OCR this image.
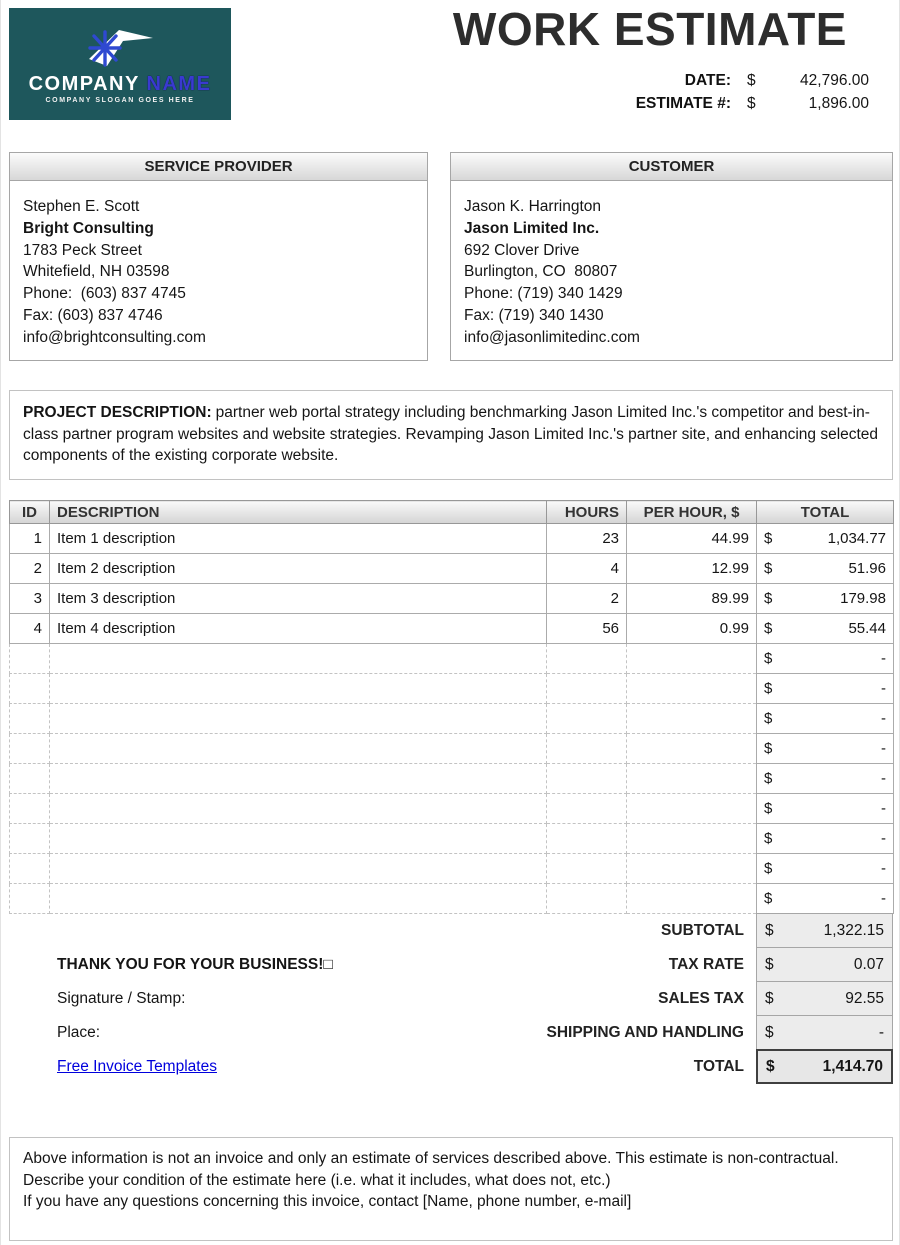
COMPANY NAME
COMPANY SLOGAN GOES HERE
WORK ESTIMATE
DATE: $	42,796.00
ESTIMATE #: $	1,896.00
SERVICE PROVIDER
Stephen E. Scott
Bright Consulting
1783 Peck Street
Whitefield, NH 03598
Phone:  (603) 837 4745
Fax: (603) 837 4746
info@brightconsulting.com
CUSTOMER
Jason K. Harrington
Jason Limited Inc.
692 Clover Drive
Burlington, CO  80807
Phone: (719) 340 1429
Fax: (719) 340 1430
info@jasonlimitedinc.com
PROJECT DESCRIPTION: partner web portal strategy including benchmarking Jason Limited Inc.'s competitor and best-in-class partner program websites and website strategies. Revamping Jason Limited Inc.'s partner site, and enhancing selected components of the existing corporate website.
ID	DESCRIPTION	HOURS	PER HOUR, $	TOTAL
1	Item 1 description	23	44.99	$ 1,034.77

2	Item 2 description	4	12.99	$ 51.96

3	Item 3 description	2	89.99	$ 179.98

4	Item 4 description	56	0.99	$ 55.44

				$ -

				$ -

				$ -

				$ -

				$ -

				$ -

				$ -

				$ -

				$ -
SUBTOTAL	$	1,322.15
THANK YOU FOR YOUR BUSINESS!□	TAX RATE	$	0.07
Signature / Stamp:	SALES TAX	$	92.55
Place:	SHIPPING AND HANDLING	$	-
Free Invoice Templates	TOTAL	$	1,414.70
Above information is not an invoice and only an estimate of services described above. This estimate is non-contractual.
Describe your condition of the estimate here (i.e. what it includes, what does not, etc.)
If you have any questions concerning this invoice, contact [Name, phone number, e-mail]
